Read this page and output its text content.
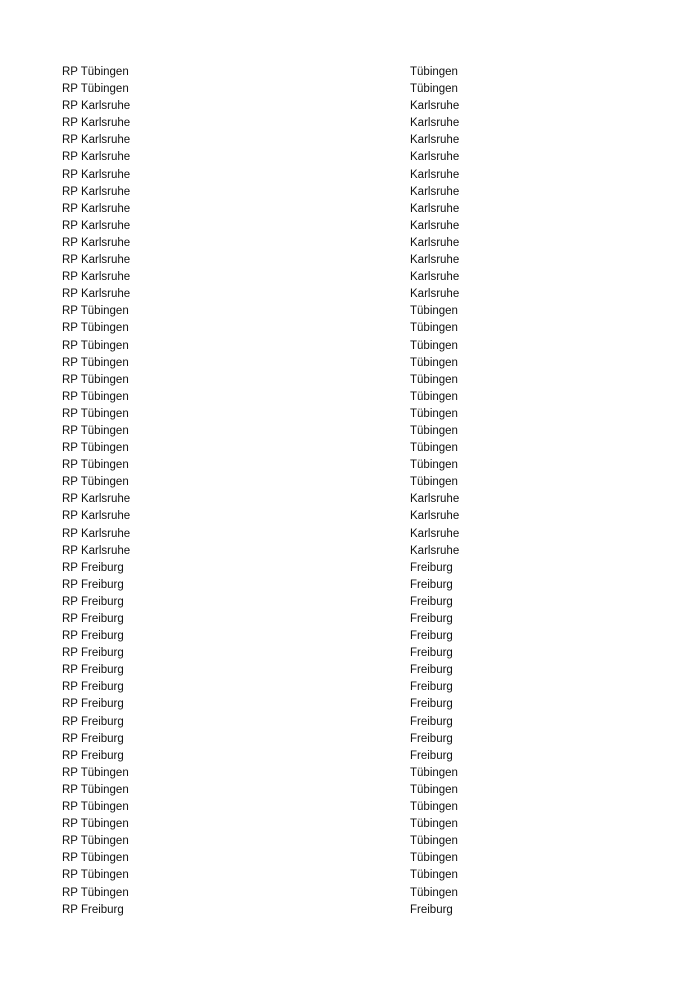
RP Tübingen	Tübingen
RP Tübingen	Tübingen
RP Karlsruhe	Karlsruhe
RP Karlsruhe	Karlsruhe
RP Karlsruhe	Karlsruhe
RP Karlsruhe	Karlsruhe
RP Karlsruhe	Karlsruhe
RP Karlsruhe	Karlsruhe
RP Karlsruhe	Karlsruhe
RP Karlsruhe	Karlsruhe
RP Karlsruhe	Karlsruhe
RP Karlsruhe	Karlsruhe
RP Karlsruhe	Karlsruhe
RP Karlsruhe	Karlsruhe
RP Tübingen	Tübingen
RP Tübingen	Tübingen
RP Tübingen	Tübingen
RP Tübingen	Tübingen
RP Tübingen	Tübingen
RP Tübingen	Tübingen
RP Tübingen	Tübingen
RP Tübingen	Tübingen
RP Tübingen	Tübingen
RP Tübingen	Tübingen
RP Tübingen	Tübingen
RP Karlsruhe	Karlsruhe
RP Karlsruhe	Karlsruhe
RP Karlsruhe	Karlsruhe
RP Karlsruhe	Karlsruhe
RP Freiburg	Freiburg
RP Freiburg	Freiburg
RP Freiburg	Freiburg
RP Freiburg	Freiburg
RP Freiburg	Freiburg
RP Freiburg	Freiburg
RP Freiburg	Freiburg
RP Freiburg	Freiburg
RP Freiburg	Freiburg
RP Freiburg	Freiburg
RP Freiburg	Freiburg
RP Freiburg	Freiburg
RP Tübingen	Tübingen
RP Tübingen	Tübingen
RP Tübingen	Tübingen
RP Tübingen	Tübingen
RP Tübingen	Tübingen
RP Tübingen	Tübingen
RP Tübingen	Tübingen
RP Tübingen	Tübingen
RP Freiburg	Freiburg
